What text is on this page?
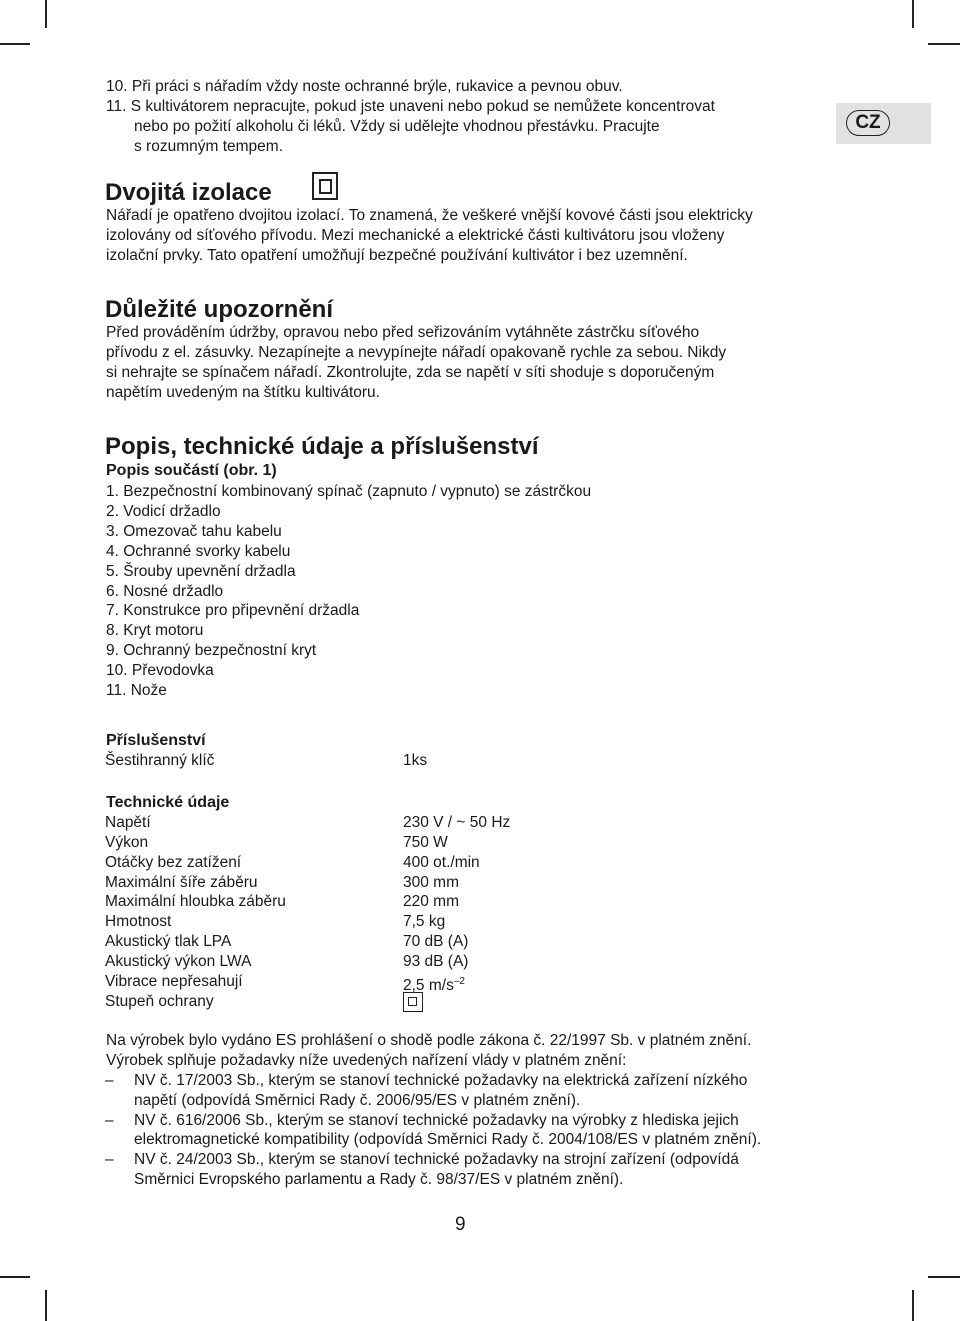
CZ
10. Při práci s nářadím vždy noste ochranné brýle, rukavice a pevnou obuv.
11. S kultivátorem nepracujte, pokud jste unaveni nebo pokud se nemůžete koncentrovat
nebo po požití alkoholu či léků. Vždy si udělejte vhodnou přestávku. Pracujte
s rozumným tempem.
Dvojitá izolace
Nářadí je opatřeno dvojitou izolací. To znamená, že veškeré vnější kovové části jsou elektricky
izolovány od síťového přívodu. Mezi mechanické a elektrické části kultivátoru jsou vloženy
izolační prvky. Tato opatření umožňují bezpečné používání kultivátor i bez uzemnění.
Důležité upozornění
Před prováděním údržby, opravou nebo před seřizováním vytáhněte zástrčku síťového
přívodu z el. zásuvky. Nezapínejte a nevypínejte nářadí opakovaně rychle za sebou. Nikdy
si nehrajte se spínačem nářadí. Zkontrolujte, zda se napětí v síti shoduje s doporučeným
napětím uvedeným na štítku kultivátoru.
Popis, technické údaje a příslušenství
Popis součástí (obr. 1)
1. Bezpečnostní kombinovaný spínač (zapnuto / vypnuto) se zástrčkou
2. Vodicí držadlo
3. Omezovač tahu kabelu
4. Ochranné svorky kabelu
5. Šrouby upevnění držadla
6. Nosné držadlo
7. Konstrukce pro připevnění držadla
8. Kryt motoru
9. Ochranný bezpečnostní kryt
10. Převodovka
11. Nože
Příslušenství
Šestihranný klíč	1ks
Technické údaje
Napětí	230 V / ~ 50 Hz
Výkon	750 W
Otáčky bez zatížení	400 ot./min
Maximální šíře záběru	300 mm
Maximální hloubka záběru	220 mm
Hmotnost	7,5 kg
Akustický tlak LPA	70 dB (A)
Akustický výkon LWA	93 dB (A)
Vibrace nepřesahují	2,5 $m/s^{-2}$
Stupeň ochrany
Na výrobek bylo vydáno ES prohlášení o shodě podle zákona č. 22/1997 Sb. v platném znění.
Výrobek splňuje požadavky níže uvedených nařízení vlády v platném znění:
– NV č. 17/2003 Sb., kterým se stanoví technické požadavky na elektrická zařízení nízkého
napětí (odpovídá Směrnici Rady č. 2006/95/ES v platném znění).
– NV č. 616/2006 Sb., kterým se stanoví technické požadavky na výrobky z hlediska jejich
elektromagnetické kompatibility (odpovídá Směrnici Rady č. 2004/108/ES v platném znění).
– NV č. 24/2003 Sb., kterým se stanoví technické požadavky na strojní zařízení (odpovídá
Směrnici Evropského parlamentu a Rady č. 98/37/ES v platném znění).
9
